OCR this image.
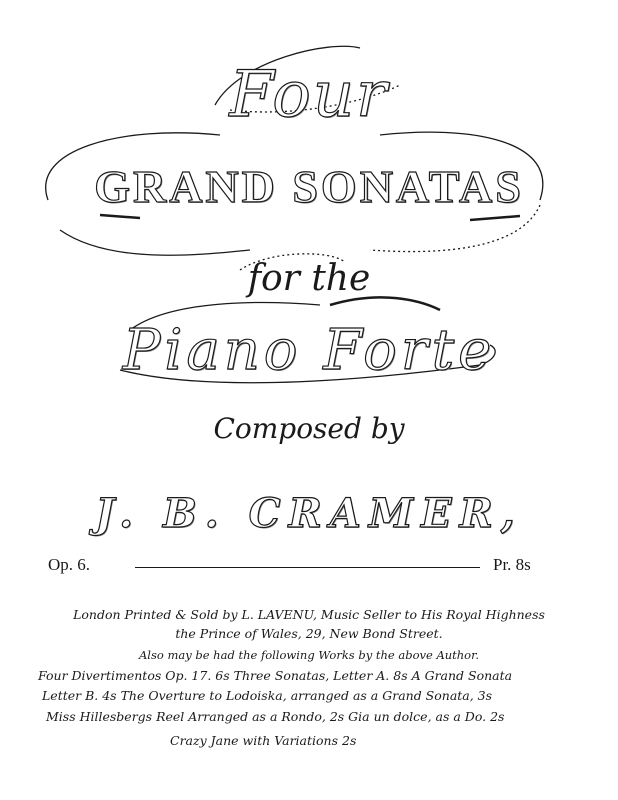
Four

GRAND SONATAS

for the

Piano Forte

Composed by

J. B. CRAMER,

Op. 6.	Pr. 8s

London Printed & Sold by L. LAVENU, Music Seller to His Royal Highness

the Prince of Wales, 29, New Bond Street.

Also may be had the following Works by the above Author.

Four Divertimentos Op. 17. 6s Three Sonatas, Letter A. 8s A Grand Sonata

Letter B. 4s The Overture to Lodoiska, arranged as a Grand Sonata, 3s

Miss Hillesbergs Reel Arranged as a Rondo, 2s Gia un dolce, as a Do. 2s

Crazy Jane with Variations 2s
